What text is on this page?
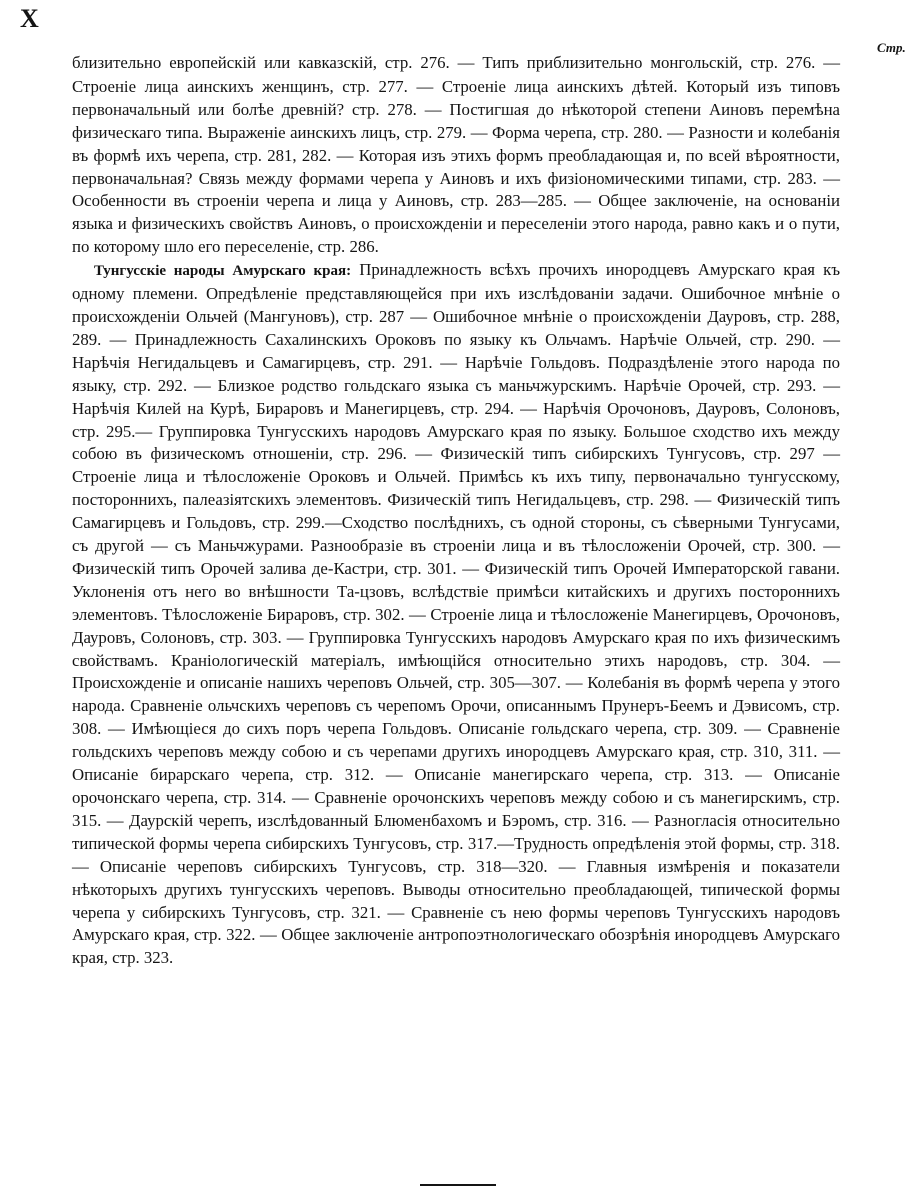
X
Стр.

близительно европейскій или кавказскій, стр. 276. — Типъ приблизительно монгольскій, стр. 276. — Строеніе лица аинскихъ женщинъ, стр. 277. — Строеніе лица аинскихъ дѣтей. Который изъ типовъ первоначальный или болѣе древній? стр. 278. — Постигшая до нѣкоторой степени Аиновъ перемѣна физическаго типа. Выраженіе аинскихъ лицъ, стр. 279. — Форма черепа, стр. 280. — Разности и колебанія въ формѣ ихъ черепа, стр. 281, 282. — Которая изъ этихъ формъ преобладающая и, по всей вѣроятности, первоначальная? Связь между формами черепа у Аиновъ и ихъ физіономическими типами, стр. 283. — Особенности въ строеніи черепа и лица у Аиновъ, стр. 283—285. — Общее заключеніе, на основаніи языка и физическихъ свойствъ Аиновъ, о происхожденіи и переселеніи этого народа, равно какъ и о пути, по которому шло его переселеніе, стр. 286.

Тунгусскіе народы Амурскаго края: Принадлежность всѣхъ прочихъ инородцевъ Амурскаго края къ одному племени. Опредѣленіе представляющейся при ихъ изслѣдованіи задачи. Ошибочное мнѣніе о происхожденіи Ольчей (Мангуновъ), стр. 287 — Ошибочное мнѣніе о происхожденіи Дауровъ, стр. 288, 289. — Принадлежность Сахалинскихъ Ороковъ по языку къ Ольчамъ. Нарѣчіе Ольчей, стр. 290. — Нарѣчія Негидальцевъ и Самагирцевъ, стр. 291. — Нарѣчіе Гольдовъ. Подраздѣленіе этого народа по языку, стр. 292. — Близкое родство гольдскаго языка съ маньчжурскимъ. Нарѣчіе Орочей, стр. 293. — Нарѣчія Килей на Курѣ, Бираровъ и Манегирцевъ, стр. 294. — Нарѣчія Орочоновъ, Дауровъ, Солоновъ, стр. 295.— Группировка Тунгусскихъ народовъ Амурскаго края по языку. Большое сходство ихъ между собою въ физическомъ отношеніи, стр. 296. — Физическій типъ сибирскихъ Тунгусовъ, стр. 297 — Строеніе лица и тѣлосложеніе Ороковъ и Ольчей. Примѣсь къ ихъ типу, первоначально тунгусскому, постороннихъ, палеазіятскихъ элементовъ. Физическій типъ Негидальцевъ, стр. 298. — Физическій типъ Самагирцевъ и Гольдовъ, стр. 299.—Сходство послѣднихъ, съ одной стороны, съ сѣверными Тунгусами, съ другой — съ Маньчжурами. Разнообразіе въ строеніи лица и въ тѣлосложеніи Орочей, стр. 300. — Физическій типъ Орочей залива де-Кастри, стр. 301. — Физическій типъ Орочей Императорской гавани. Уклоненія отъ него во внѣшности Та-цзовъ, вслѣдствіе примѣси китайскихъ и другихъ постороннихъ элементовъ. Тѣлосложеніе Бираровъ, стр. 302. — Строеніе лица и тѣлосложеніе Манегирцевъ, Орочоновъ, Дауровъ, Солоновъ, стр. 303. — Группировка Тунгусскихъ народовъ Амурскаго края по ихъ физическимъ свойствамъ. Краніологическій матеріалъ, имѣющійся относительно этихъ народовъ, стр. 304. — Происхожденіе и описаніе нашихъ череповъ Ольчей, стр. 305—307. — Колебанія въ формѣ черепа у этого народа. Сравненіе ольчскихъ череповъ съ черепомъ Орочи, описаннымъ Прунеръ-Беемъ и Дэвисомъ, стр. 308. — Имѣющіеся до сихъ поръ черепа Гольдовъ. Описаніе гольдскаго черепа, стр. 309. — Сравненіе гольдскихъ череповъ между собою и съ черепами другихъ инородцевъ Амурскаго края, стр. 310, 311. — Описаніе бирарскаго черепа, стр. 312. — Описаніе манегирскаго черепа, стр. 313. — Описаніе орочонскаго черепа, стр. 314. — Сравненіе орочонскихъ череповъ между собою и съ манегирскимъ, стр. 315. — Даурскій черепъ, изслѣдованный Блюменбахомъ и Бэромъ, стр. 316. — Разногласія относительно типической формы черепа сибирскихъ Тунгусовъ, стр. 317.—Трудность опредѣленія этой формы, стр. 318. — Описаніе череповъ сибирскихъ Тунгусовъ, стр. 318—320. — Главныя измѣренія и показатели нѣкоторыхъ другихъ тунгусскихъ череповъ. Выводы относительно преобладающей, типической формы черепа у сибирскихъ Тунгусовъ, стр. 321. — Сравненіе съ нею формы череповъ Тунгусскихъ народовъ Амурскаго края, стр. 322. — Общее заключеніе антропоэтнологическаго обозрѣнія инородцевъ Амурскаго края, стр. 323.
